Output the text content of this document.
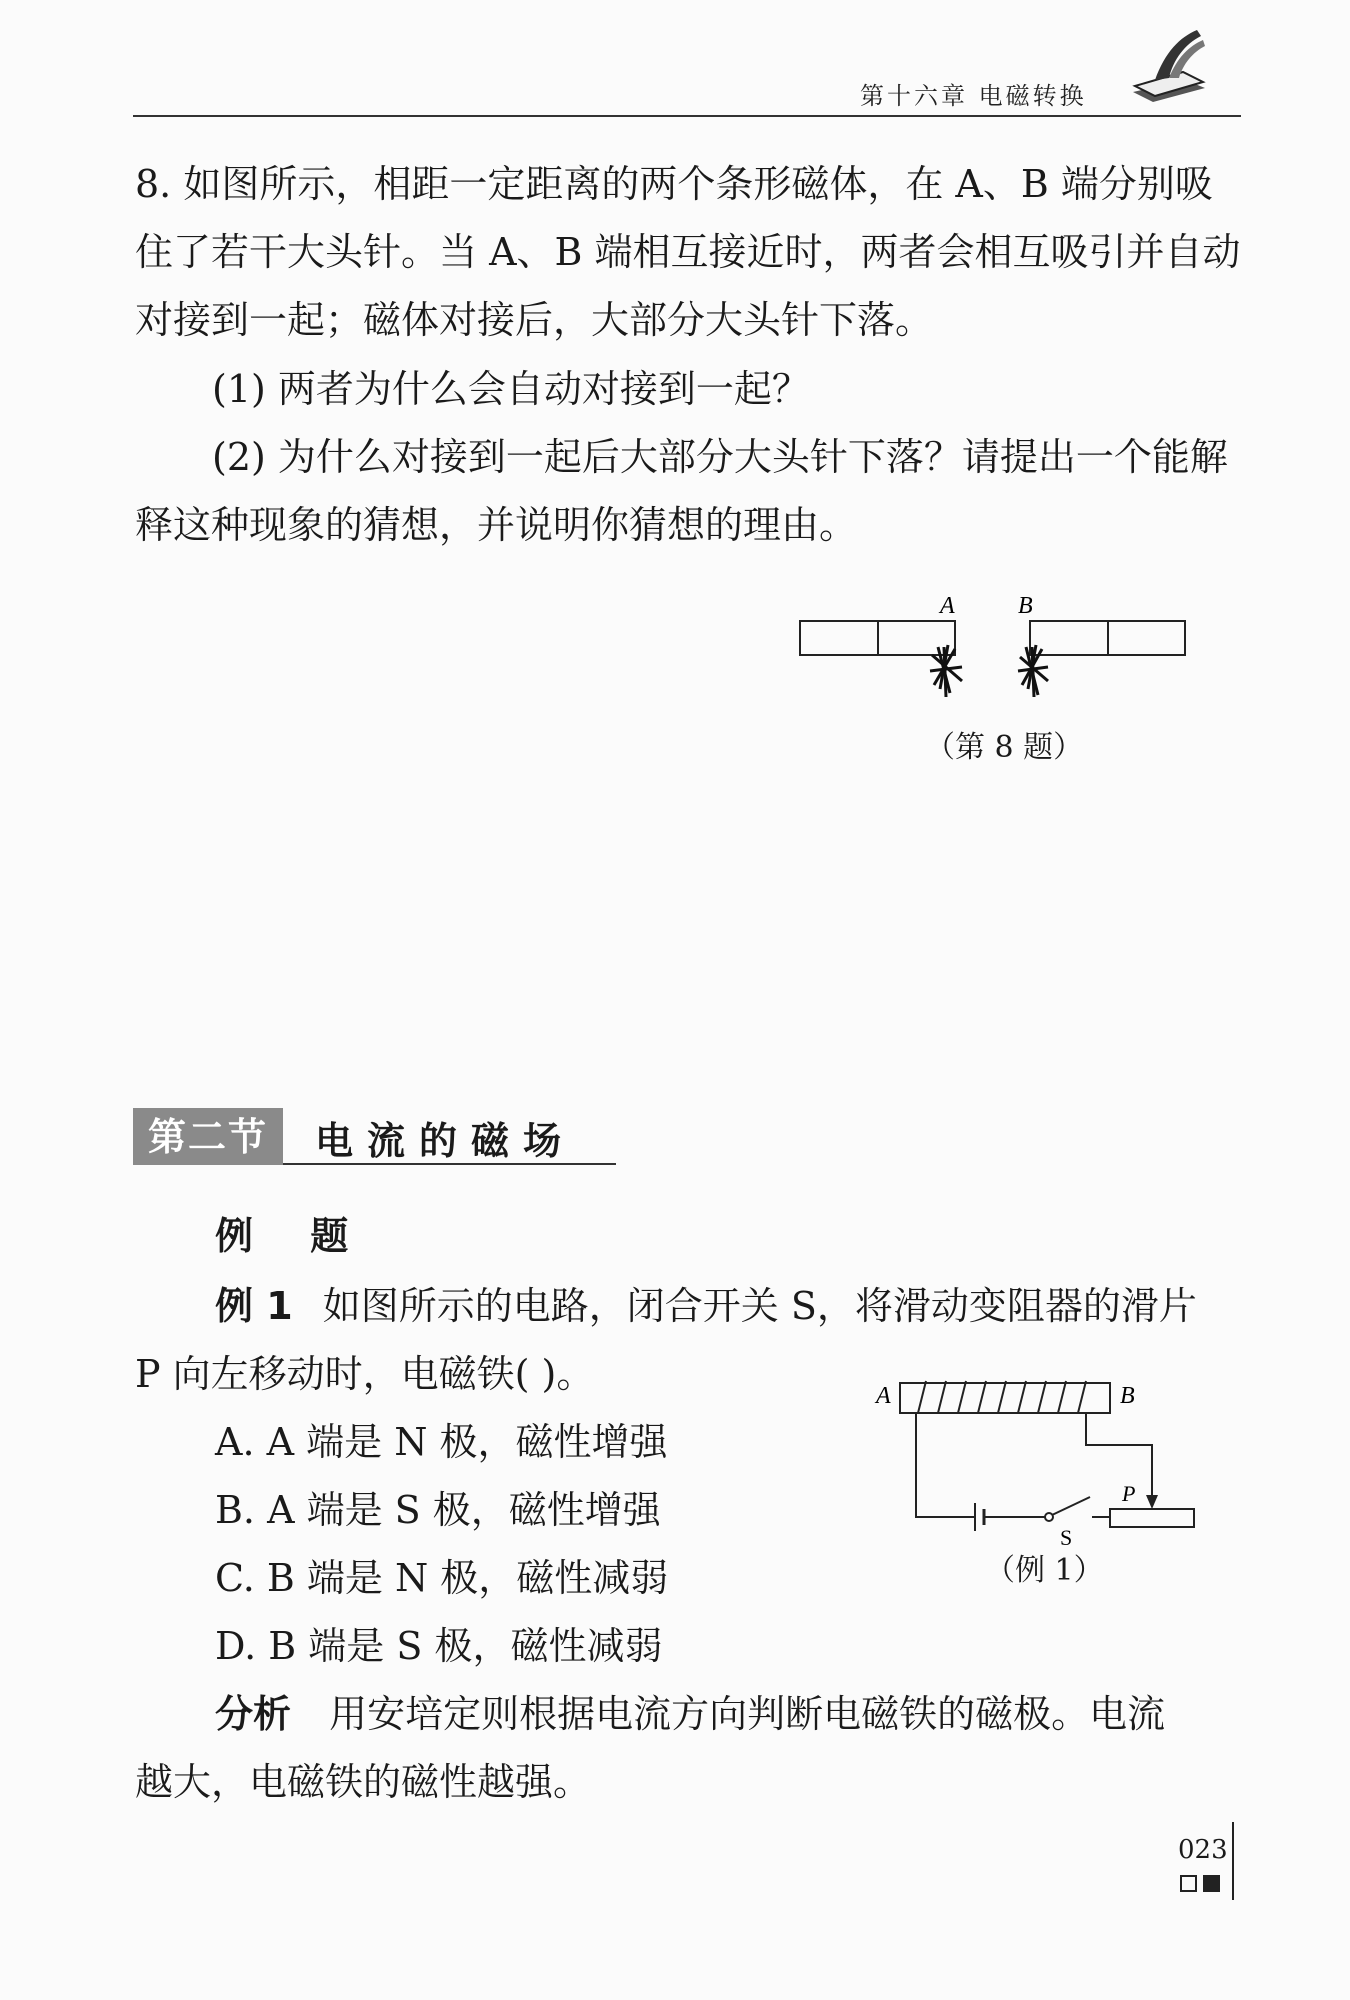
第十六章 电磁转换
8. 如图所示，相距一定距离的两个条形磁体，在 A、B 端分别吸住了若干大头针。当 A、B 端相互接近时，两者会相互吸引并自动对接到一起；磁体对接后，大部分大头针下落。
(1) 两者为什么会自动对接到一起？
(2) 为什么对接到一起后大部分大头针下落？请提出一个能解释这种现象的猜想，并说明你猜想的理由。
A	B
（第 8 题）
第二节	电流的磁场
例 题
例 1 如图所示的电路，闭合开关 S，将滑动变阻器的滑片
P 向左移动时，电磁铁( )。
A. A 端是 N 极，磁性增强
B. A 端是 S 极，磁性增强
C. B 端是 N 极，磁性减弱
D. B 端是 S 极，磁性减弱
A	B
S
P
（例 1）
分析 用安培定则根据电流方向判断电磁铁的磁极。电流
越大，电磁铁的磁性越强。
023
